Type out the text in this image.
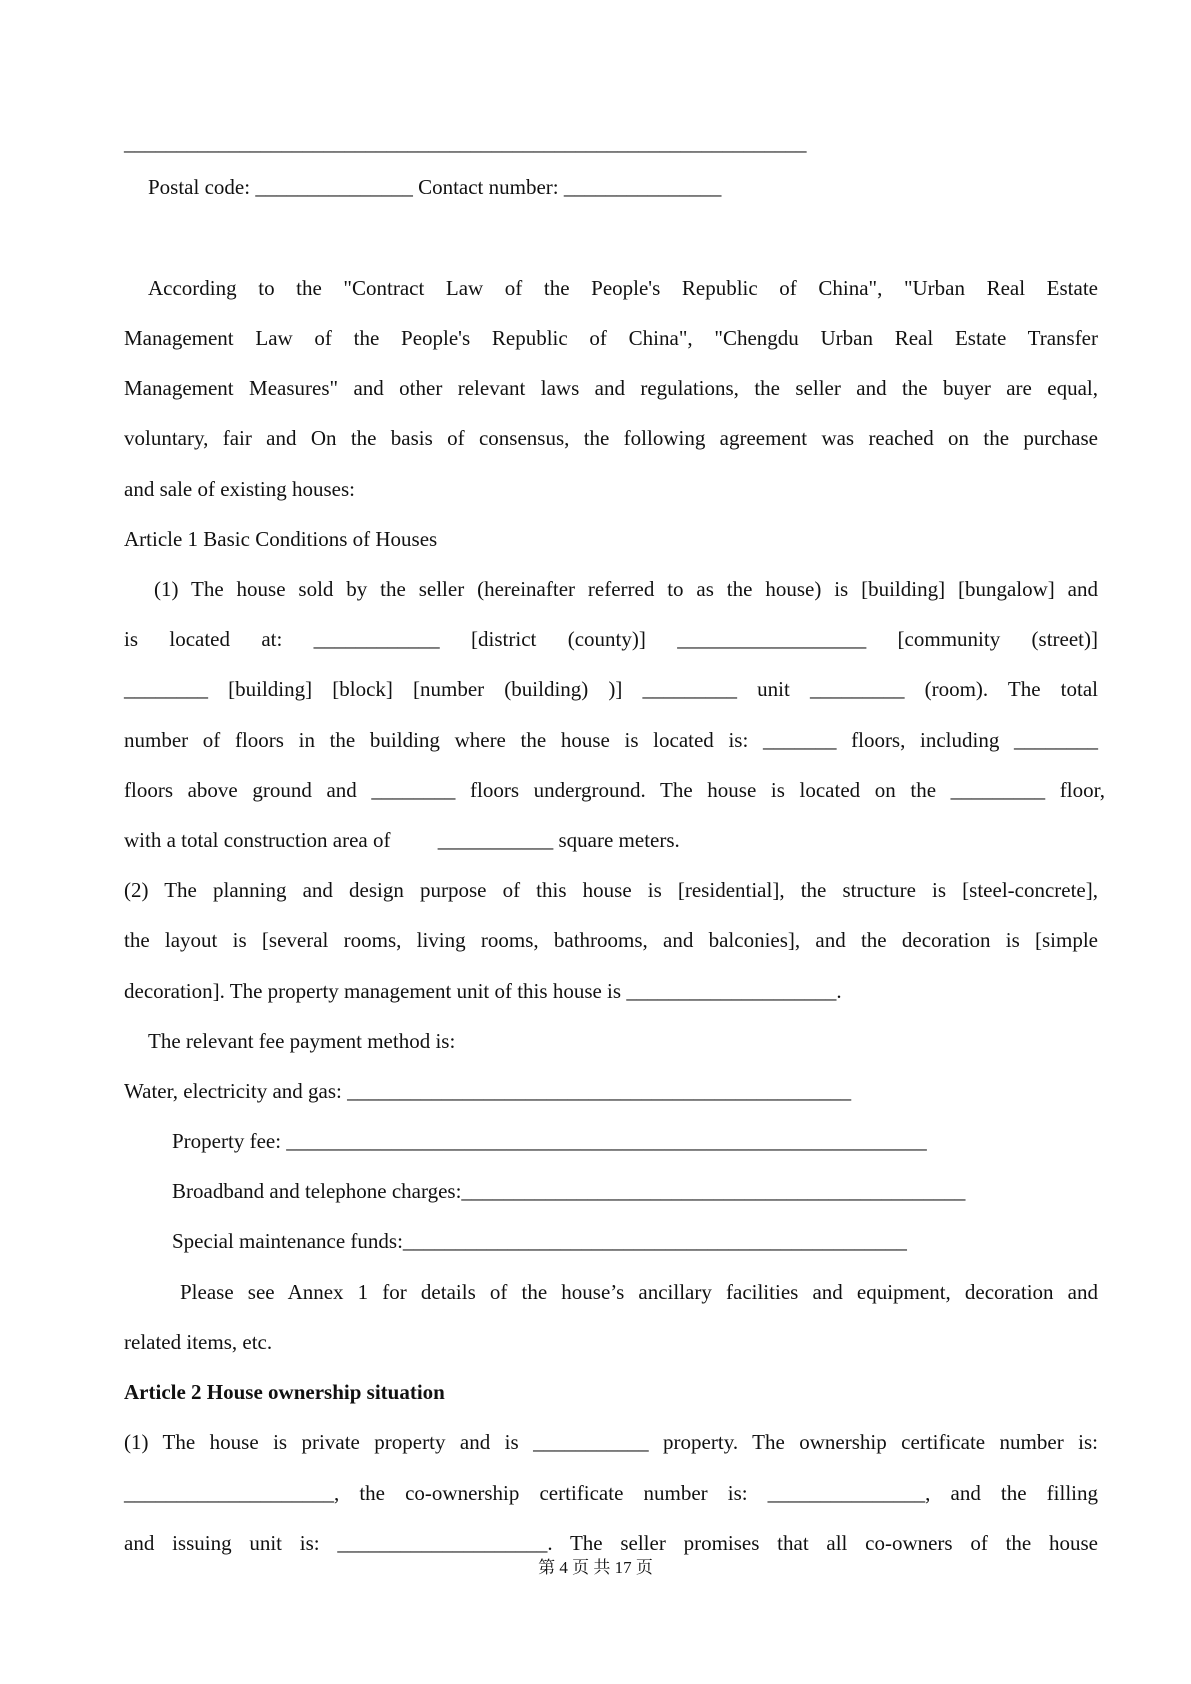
_________________________________________________________________
Postal code: _______________ Contact number: _______________
According to the "Contract Law of the People's Republic of China", "Urban Real Estate
Management Law of the People's Republic of China", "Chengdu Urban Real Estate Transfer
Management Measures" and other relevant laws and regulations, the seller and the buyer are equal,
voluntary, fair and On the basis of consensus, the following agreement was reached on the purchase
and sale of existing houses:
Article 1 Basic Conditions of Houses
(1) The house sold by the seller (hereinafter referred to as the house) is [building] [bungalow] and
is located at: ____________ [district (county)] __________________ [community (street)]
________ [building] [block] [number (building) )] _________ unit _________ (room). The total
number of floors in the building where the house is located is: _______ floors, including ________
floors above ground and ________ floors underground. The house is located on the _________ floor,
with a total construction area of         ___________ square meters.
(2) The planning and design purpose of this house is [residential], the structure is [steel-concrete],
the layout is [several rooms, living rooms, bathrooms, and balconies], and the decoration is [simple
decoration]. The property management unit of this house is ____________________.
The relevant fee payment method is:
Water, electricity and gas: ________________________________________________
Property fee: _____________________________________________________________
Broadband and telephone charges:________________________________________________
Special maintenance funds:________________________________________________
Please see Annex 1 for details of the house’s ancillary facilities and equipment, decoration and
related items, etc.
Article 2 House ownership situation
(1) The house is private property and is ___________ property. The ownership certificate number is:
____________________, the co-ownership certificate number is: _______________, and the filling
and issuing unit is: ____________________. The seller promises that all co-owners of the house
第 4 页 共 17 页
